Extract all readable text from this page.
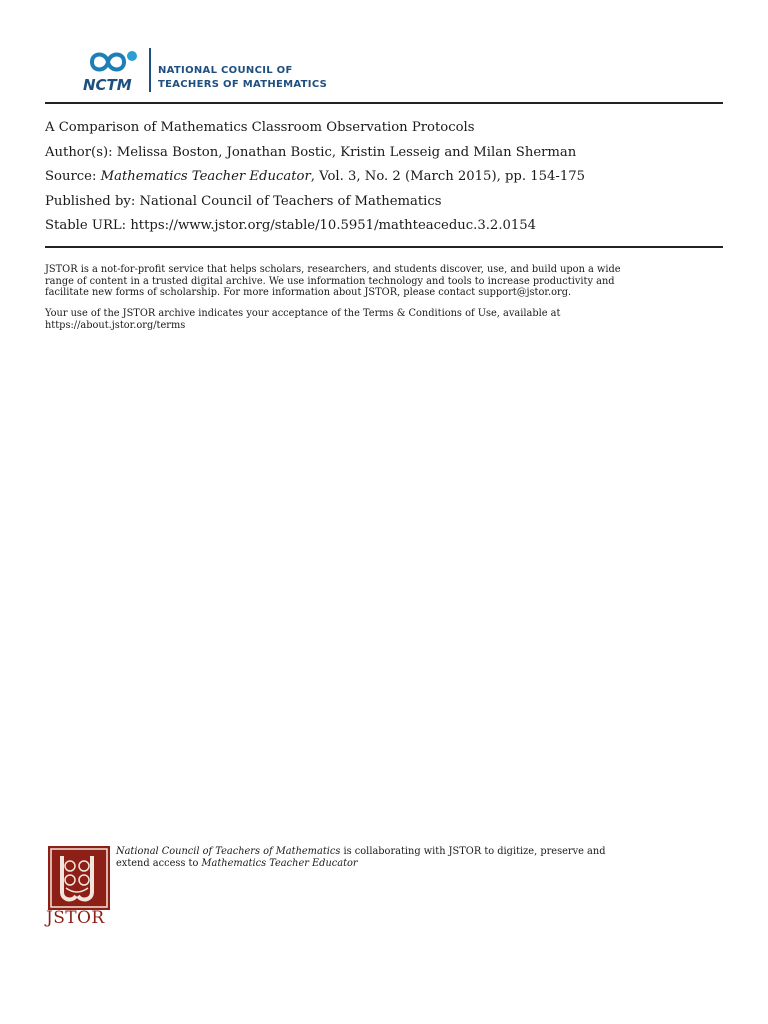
NCTM
NATIONAL COUNCIL OF
TEACHERS OF MATHEMATICS
A Comparison of Mathematics Classroom Observation Protocols
Author(s): Melissa Boston, Jonathan Bostic, Kristin Lesseig and Milan Sherman
Source: Mathematics Teacher Educator, Vol. 3, No. 2 (March 2015), pp. 154-175
Published by: National Council of Teachers of Mathematics
Stable URL: https://www.jstor.org/stable/10.5951/mathteaceduc.3.2.0154
JSTOR is a not-for-profit service that helps scholars, researchers, and students discover, use, and build upon a wide
range of content in a trusted digital archive. We use information technology and tools to increase productivity and
facilitate new forms of scholarship. For more information about JSTOR, please contact support@jstor.org.
Your use of the JSTOR archive indicates your acceptance of the Terms & Conditions of Use, available at
https://about.jstor.org/terms
JSTOR
National Council of Teachers of Mathematics is collaborating with JSTOR to digitize, preserve and
extend access to Mathematics Teacher Educator
